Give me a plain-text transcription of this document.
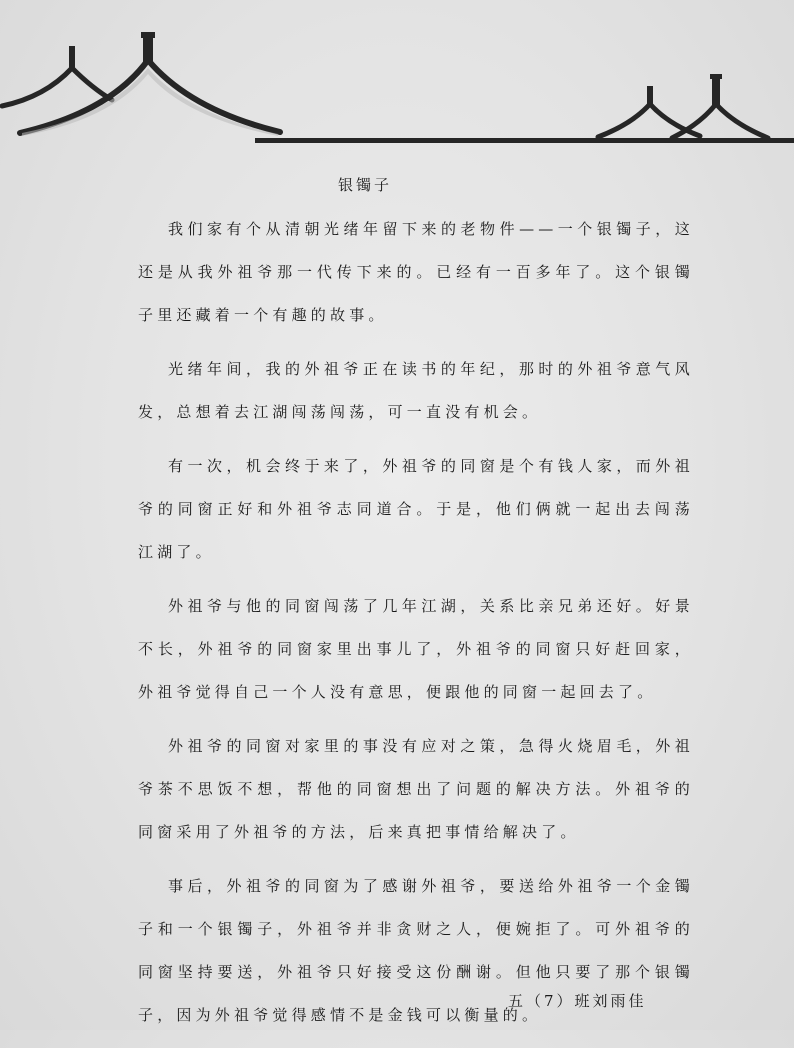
银镯子

我们家有个从清朝光绪年留下来的老物件——一个银镯子，这还是从我外祖爷那一代传下来的。已经有一百多年了。这个银镯子里还藏着一个有趣的故事。

光绪年间，我的外祖爷正在读书的年纪，那时的外祖爷意气风发，总想着去江湖闯荡闯荡，可一直没有机会。

有一次，机会终于来了，外祖爷的同窗是个有钱人家，而外祖爷的同窗正好和外祖爷志同道合。于是，他们俩就一起出去闯荡江湖了。

外祖爷与他的同窗闯荡了几年江湖，关系比亲兄弟还好。好景不长，外祖爷的同窗家里出事儿了，外祖爷的同窗只好赶回家，外祖爷觉得自己一个人没有意思，便跟他的同窗一起回去了。

外祖爷的同窗对家里的事没有应对之策，急得火烧眉毛，外祖爷茶不思饭不想，帮他的同窗想出了问题的解决方法。外祖爷的同窗采用了外祖爷的方法，后来真把事情给解决了。

事后，外祖爷的同窗为了感谢外祖爷，要送给外祖爷一个金镯子和一个银镯子，外祖爷并非贪财之人，便婉拒了。可外祖爷的同窗坚持要送，外祖爷只好接受这份酬谢。但他只要了那个银镯子，因为外祖爷觉得感情不是金钱可以衡量的。

五（7）班刘雨佳
